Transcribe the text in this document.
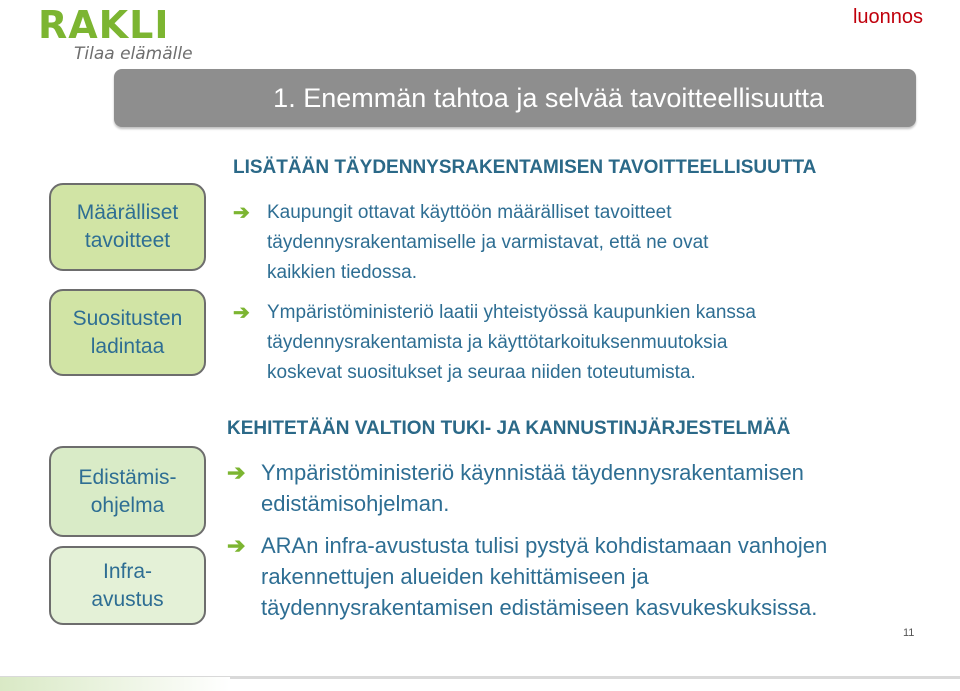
RAKLI
Tilaa elämälle
luonnos
1. Enemmän tahtoa ja selvää tavoitteellisuutta
Määrälliset
tavoitteet
Suositusten
ladintaa
Edistämis-
ohjelma
Infra-
avustus
LISÄTÄÄN TÄYDENNYSRAKENTAMISEN TAVOITTEELLISUUTTA
➔ Kaupungit ottavat käyttöön määrälliset tavoitteet
täydennysrakentamiselle ja varmistavat, että ne ovat
kaikkien tiedossa.
➔ Ympäristöministeriö laatii yhteistyössä kaupunkien kanssa
täydennysrakentamista ja käyttötarkoituksenmuutoksia
koskevat suositukset ja seuraa niiden toteutumista.
KEHITETÄÄN VALTION TUKI- JA KANNUSTINJÄRJESTELMÄÄ
➔ Ympäristöministeriö käynnistää täydennysrakentamisen
edistämisohjelman.
➔ ARAn infra-avustusta tulisi pystyä kohdistamaan vanhojen
rakennettujen alueiden kehittämiseen ja
täydennysrakentamisen edistämiseen kasvukeskuksissa.
11
